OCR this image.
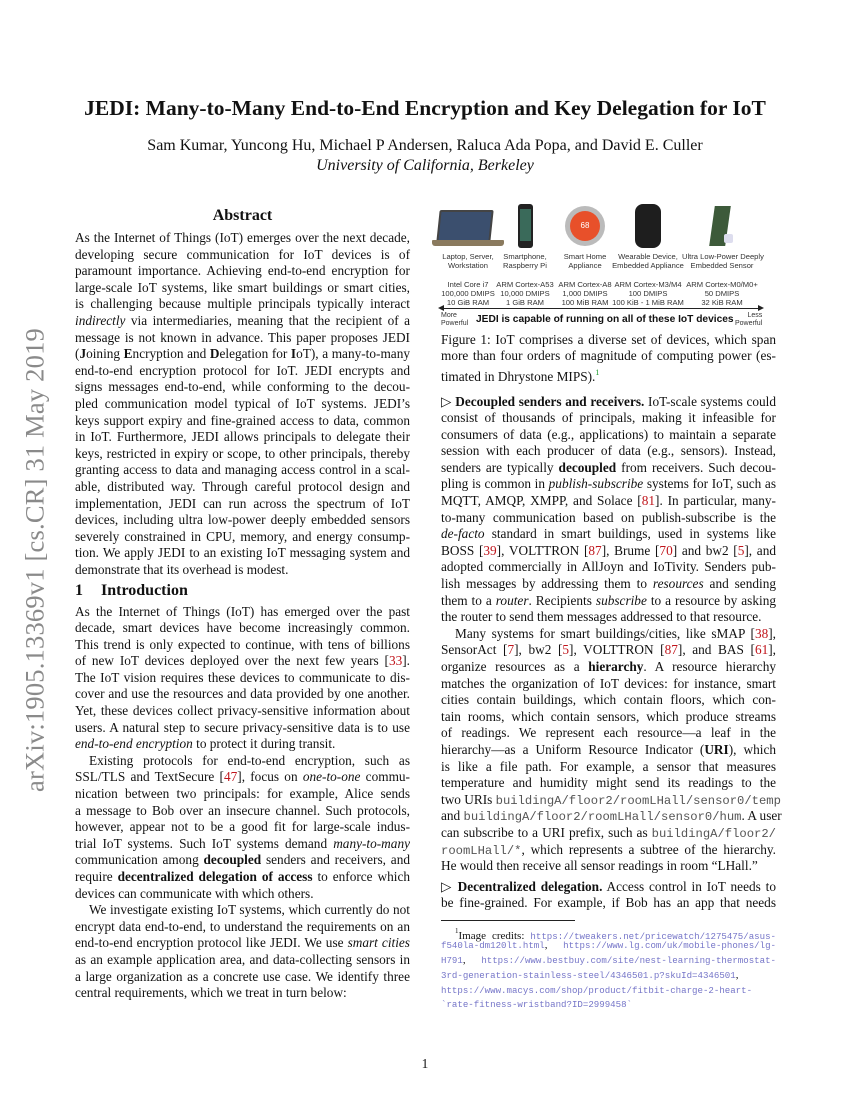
arXiv:1905.13369v1 [cs.CR] 31 May 2019
JEDI: Many-to-Many End-to-End Encryption and Key Delegation for IoT
Sam Kumar, Yuncong Hu, Michael P Andersen, Raluca Ada Popa, and David E. Culler
University of California, Berkeley
Abstract
As the Internet of Things (IoT) emerges over the next decade,
developing secure communication for IoT devices is of
paramount importance. Achieving end-to-end encryption for
large-scale IoT systems, like smart buildings or smart cities,
is challenging because multiple principals typically interact
indirectly via intermediaries, meaning that the recipient of a
message is not known in advance. This paper proposes JEDI
(Joining Encryption and Delegation for IoT), a many-to-many
end-to-end encryption protocol for IoT. JEDI encrypts and
signs messages end-to-end, while conforming to the decou-
pled communication model typical of IoT systems. JEDI’s
keys support expiry and fine-grained access to data, common
in IoT. Furthermore, JEDI allows principals to delegate their
keys, restricted in expiry or scope, to other principals, thereby
granting access to data and managing access control in a scal-
able, distributed way. Through careful protocol design and
implementation, JEDI can run across the spectrum of IoT
devices, including ultra low-power deeply embedded sensors
severely constrained in CPU, memory, and energy consump-
tion. We apply JEDI to an existing IoT messaging system and
demonstrate that its overhead is modest.
1 Introduction
As the Internet of Things (IoT) has emerged over the past
decade, smart devices have become increasingly common.
This trend is only expected to continue, with tens of billions
of new IoT devices deployed over the next few years [33].
The IoT vision requires these devices to communicate to dis-
cover and use the resources and data provided by one another.
Yet, these devices collect privacy-sensitive information about
users. A natural step to secure privacy-sensitive data is to use
end-to-end encryption to protect it during transit.
Existing protocols for end-to-end encryption, such as
SSL/TLS and TextSecure [47], focus on one-to-one commu-
nication between two principals: for example, Alice sends
a message to Bob over an insecure channel. Such protocols,
however, appear not to be a good fit for large-scale indus-
trial IoT systems. Such IoT systems demand many-to-many
communication among decoupled senders and receivers, and
require decentralized delegation of access to enforce which
devices can communicate with which others.
We investigate existing IoT systems, which currently do not
encrypt data end-to-end, to understand the requirements on an
end-to-end encryption protocol like JEDI. We use smart cities
as an example application area, and data-collecting sensors in
a large organization as a concrete use case. We identify three
central requirements, which we treat in turn below:
Laptop, Server,
Workstation
Smartphone,
Raspberry Pi
68
Smart Home
Appliance
Wearable Device,
Embedded Appliance
Ultra Low-Power Deeply
Embedded Sensor
Intel Core i7
100,000 DMIPS
10 GiB RAM
ARM Cortex-A53
10,000 DMIPS
1 GiB RAM
ARM Cortex-A8
1,000 DMIPS
100 MiB RAM
ARM Cortex-M3/M4
100 DMIPS
100 KiB - 1 MiB RAM
ARM Cortex-M0/M0+
50 DMIPS
32 KiB RAM
More
Powerful
Less
Powerful
JEDI is capable of running on all of these IoT devices
Figure 1: IoT comprises a diverse set of devices, which span
more than four orders of magnitude of computing power (es-
timated in Dhrystone MIPS).$^1$
▷ Decoupled senders and receivers. IoT-scale systems could
consist of thousands of principals, making it infeasible for
consumers of data (e.g., applications) to maintain a separate
session with each producer of data (e.g., sensors). Instead,
senders are typically decoupled from receivers. Such decou-
pling is common in publish-subscribe systems for IoT, such as
MQTT, AMQP, XMPP, and Solace [81]. In particular, many-
to-many communication based on publish-subscribe is the
de-facto standard in smart buildings, used in systems like
BOSS [39], VOLTTRON [87], Brume [70] and bw2 [5], and
adopted commercially in AllJoyn and IoTivity. Senders pub-
lish messages by addressing them to resources and sending
them to a router. Recipients subscribe to a resource by asking
the router to send them messages addressed to that resource.
Many systems for smart buildings/cities, like sMAP [38],
SensorAct [7], bw2 [5], VOLTTRON [87], and BAS [61],
organize resources as a hierarchy. A resource hierarchy
matches the organization of IoT devices: for instance, smart
cities contain buildings, which contain floors, which con-
tain rooms, which contain sensors, which produce streams
of readings. We represent each resource—a leaf in the
hierarchy—as a Uniform Resource Indicator (URI), which
is like a file path. For example, a sensor that measures
temperature and humidity might send its readings to the
two URIs buildingA/floor2/roomLHall/sensor0/temp
and buildingA/floor2/roomLHall/sensor0/hum. A user
can subscribe to a URI prefix, such as buildingA/floor2/
roomLHall/*, which represents a subtree of the hierarchy.
He would then receive all sensor readings in room “LHall.”
▷ Decentralized delegation. Access control in IoT needs to
be fine-grained. For example, if Bob has an app that needs
$^1$Image credits: https://tweakers.net/pricewatch/1275475/asus-
f540la-dm120lt.html, https://www.lg.com/uk/mobile-phones/lg-
H791, https://www.bestbuy.com/site/nest-learning-thermostat-
3rd-generation-stainless-steel/4346501.p?skuId=4346501,
https://www.macys.com/shop/product/fitbit-charge-2-heart-
`rate-fitness-wristband?ID=2999458`
1
